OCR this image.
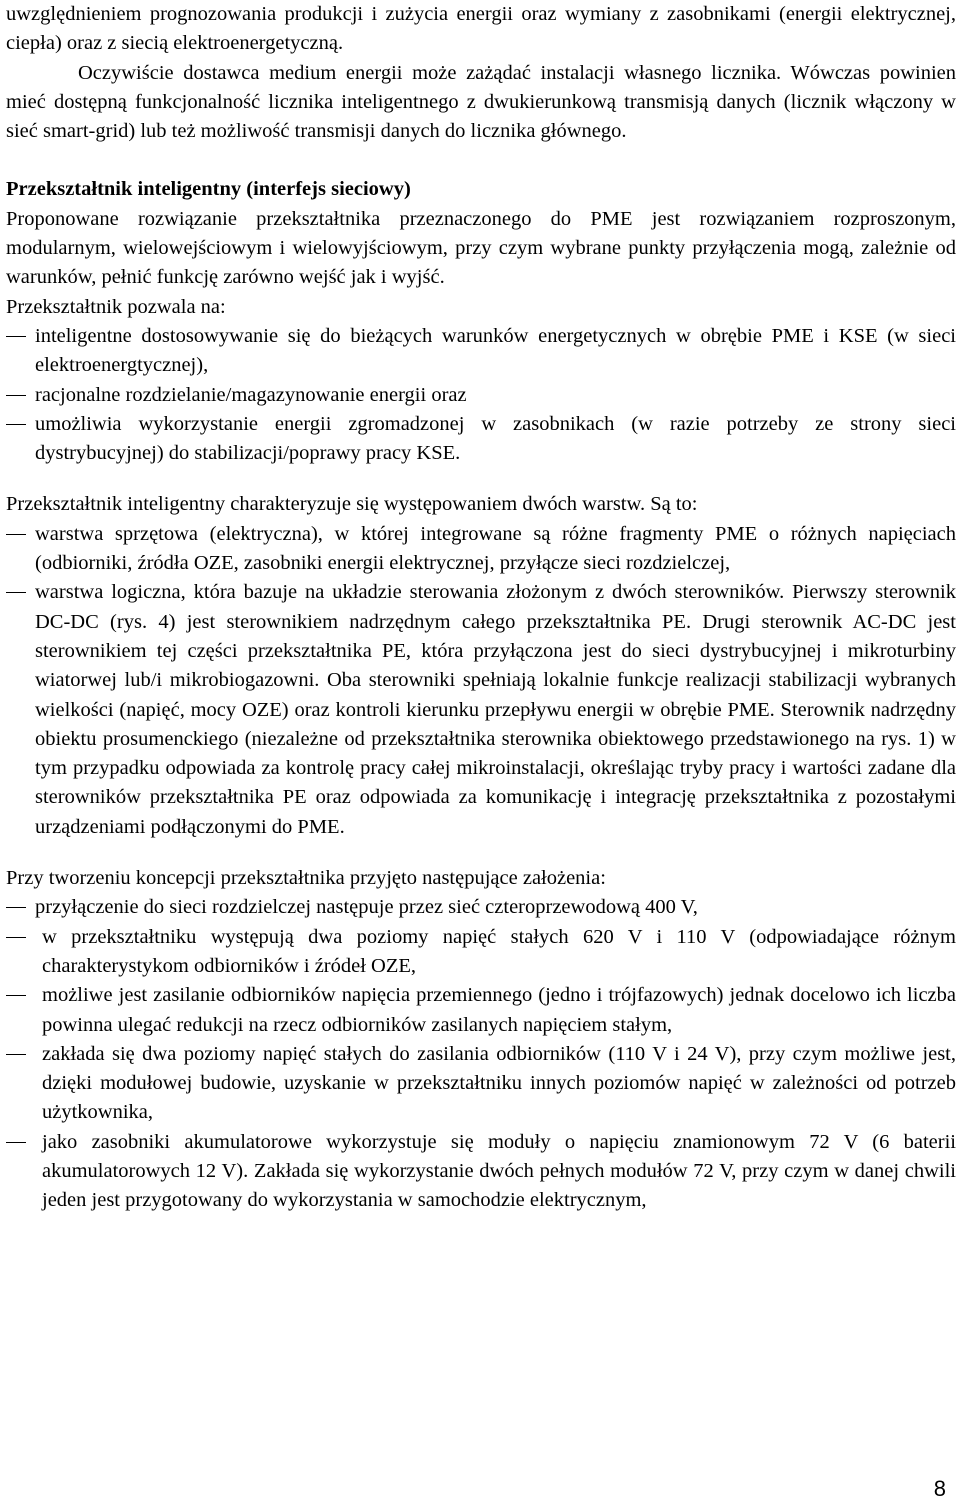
uwzględnieniem prognozowania produkcji i zużycia energii oraz wymiany z zasobnikami (energii elektrycznej, ciepła) oraz z siecią elektroenergetyczną.

Oczywiście dostawca medium energii może zażądać instalacji własnego licznika. Wówczas powinien mieć dostępną funkcjonalność licznika inteligentnego z dwukierunkową transmisją danych (licznik włączony w sieć smart-grid) lub też możliwość transmisji danych do licznika głównego.

Przekształtnik inteligentny (interfejs sieciowy)

Proponowane rozwiązanie przekształtnika przeznaczonego do PME jest rozwiązaniem rozproszonym, modularnym, wielowejściowym i wielowyjściowym, przy czym wybrane punkty przyłączenia mogą, zależnie od warunków, pełnić funkcję zarówno wejść jak i wyjść.

Przekształtnik pozwala na:

inteligentne dostosowywanie się do bieżących warunków energetycznych w obrębie PME i KSE (w sieci elektroenergtycznej),
racjonalne rozdzielanie/magazynowanie energii oraz
umożliwia wykorzystanie energii zgromadzonej w zasobnikach (w razie potrzeby ze strony sieci dystrybucyjnej) do stabilizacji/poprawy pracy KSE.

Przekształtnik inteligentny charakteryzuje się występowaniem dwóch warstw. Są to:

warstwa sprzętowa (elektryczna), w której integrowane są różne fragmenty PME o różnych napięciach (odbiorniki, źródła OZE, zasobniki energii elektrycznej, przyłącze sieci rozdzielczej,
warstwa logiczna, która bazuje na układzie sterowania złożonym z dwóch sterowników. Pierwszy sterownik DC-DC (rys. 4) jest sterownikiem nadrzędnym całego przekształtnika PE. Drugi sterownik AC-DC jest sterownikiem tej części przekształtnika PE, która przyłączona jest do sieci dystrybucyjnej i mikroturbiny wiatorwej lub/i mikrobiogazowni. Oba sterowniki spełniają lokalnie funkcje realizacji stabilizacji wybranych wielkości (napięć, mocy OZE) oraz kontroli kierunku przepływu energii w obrębie PME. Sterownik nadrzędny obiektu prosumenckiego (niezależne od przekształtnika sterownika obiektowego przedstawionego na rys. 1) w tym przypadku odpowiada za kontrolę pracy całej mikroinstalacji, określając tryby pracy i wartości zadane dla sterowników przekształtnika PE oraz odpowiada za komunikację i integrację przekształtnika z pozostałymi urządzeniami podłączonymi do PME.

Przy tworzeniu koncepcji przekształtnika przyjęto następujące założenia:

przyłączenie do sieci rozdzielczej następuje przez sieć czteroprzewodową 400 V,
w przekształtniku występują dwa poziomy napięć stałych 620 V i 110 V (odpowiadające różnym charakterystykom odbiorników i źródeł OZE,
możliwe jest zasilanie odbiorników napięcia przemiennego (jedno i trójfazowych) jednak docelowo ich liczba powinna ulegać redukcji na rzecz odbiorników zasilanych napięciem stałym,
zakłada się dwa poziomy napięć stałych do zasilania odbiorników (110 V i 24 V), przy czym możliwe jest, dzięki modułowej budowie, uzyskanie w przekształtniku innych poziomów napięć w zależności od potrzeb użytkownika,
jako zasobniki akumulatorowe wykorzystuje się moduły o napięciu znamionowym 72 V (6 baterii akumulatorowych 12 V). Zakłada się wykorzystanie dwóch pełnych modułów 72 V, przy czym w danej chwili jeden jest przygotowany do wykorzystania w samochodzie elektrycznym,
8
